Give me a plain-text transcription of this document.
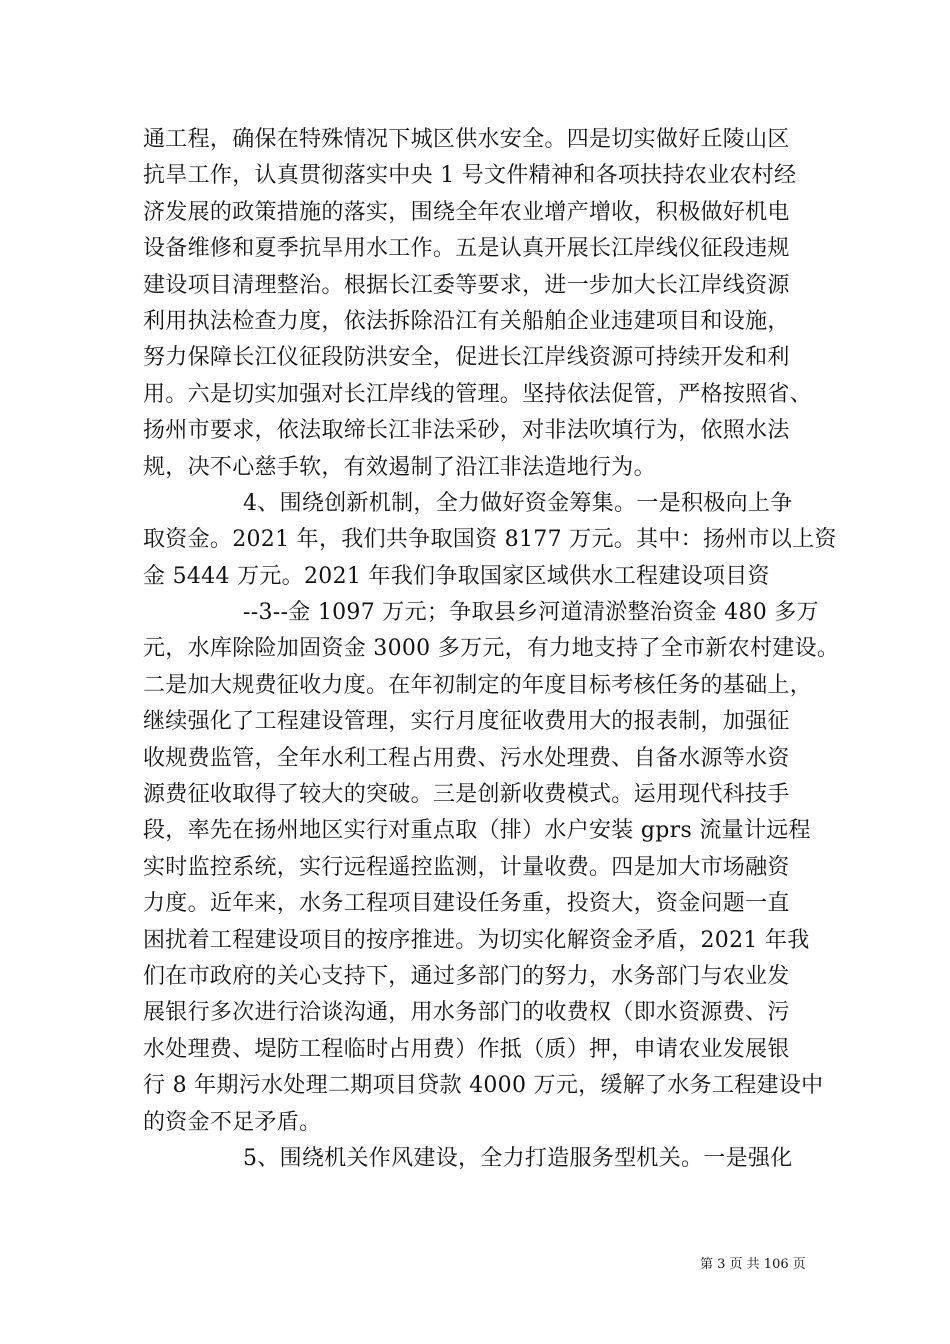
通工程，确保在特殊情况下城区供水安全。四是切实做好丘陵山区
抗旱工作，认真贯彻落实中央 1 号文件精神和各项扶持农业农村经
济发展的政策措施的落实，围绕全年农业增产增收，积极做好机电
设备维修和夏季抗旱用水工作。五是认真开展长江岸线仪征段违规
建设项目清理整治。根据长江委等要求，进一步加大长江岸线资源
利用执法检查力度，依法拆除沿江有关船舶企业违建项目和设施，
努力保障长江仪征段防洪安全，促进长江岸线资源可持续开发和利
用。六是切实加强对长江岸线的管理。坚持依法促管，严格按照省、
扬州市要求，依法取缔长江非法采砂，对非法吹填行为，依照水法
规，决不心慈手软，有效遏制了沿江非法造地行为。
4、围绕创新机制，全力做好资金筹集。一是积极向上争
取资金。2021 年，我们共争取国资 8177 万元。其中：扬州市以上资
金 5444 万元。2021 年我们争取国家区域供水工程建设项目资
--3--金 1097 万元；争取县乡河道清淤整治资金 480 多万
元，水库除险加固资金 3000 多万元，有力地支持了全市新农村建设。
二是加大规费征收力度。在年初制定的年度目标考核任务的基础上，
继续强化了工程建设管理，实行月度征收费用大的报表制，加强征
收规费监管，全年水利工程占用费、污水处理费、自备水源等水资
源费征收取得了较大的突破。三是创新收费模式。运用现代科技手
段，率先在扬州地区实行对重点取（排）水户安装 gprs 流量计远程
实时监控系统，实行远程遥控监测，计量收费。四是加大市场融资
力度。近年来，水务工程项目建设任务重，投资大，资金问题一直
困扰着工程建设项目的按序推进。为切实化解资金矛盾，2021 年我
们在市政府的关心支持下，通过多部门的努力，水务部门与农业发
展银行多次进行洽谈沟通，用水务部门的收费权（即水资源费、污
水处理费、堤防工程临时占用费）作抵（质）押，申请农业发展银
行 8 年期污水处理二期项目贷款 4000 万元，缓解了水务工程建设中
的资金不足矛盾。
5、围绕机关作风建设，全力打造服务型机关。一是强化
第 3 页 共 106 页
